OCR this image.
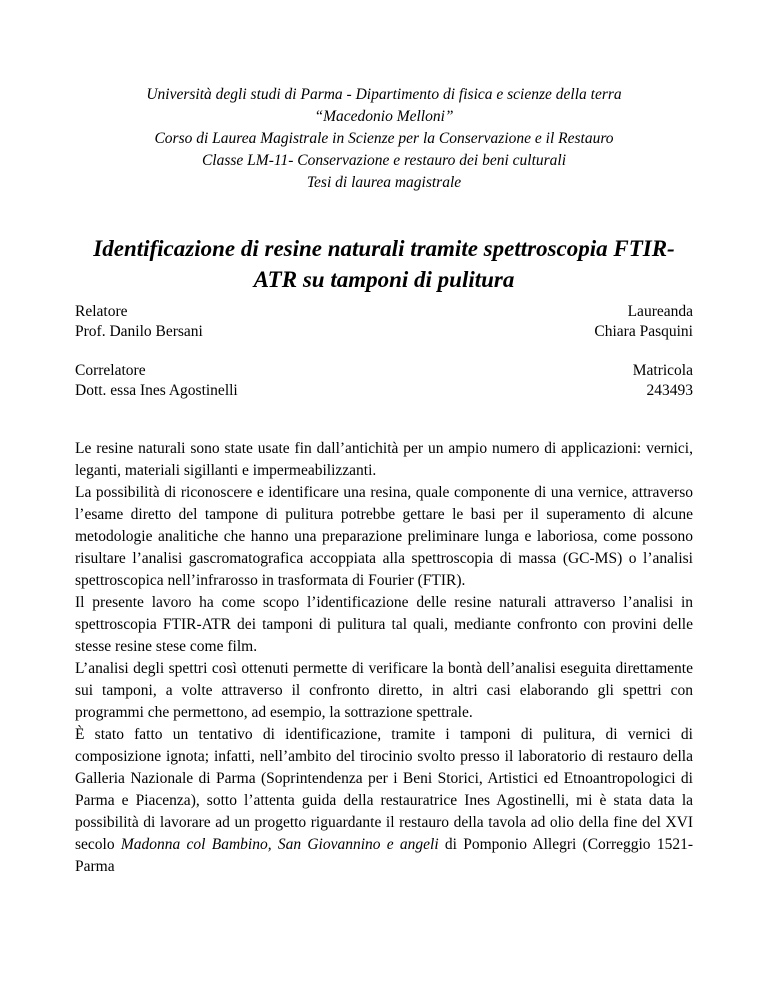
Università degli studi di Parma - Dipartimento di fisica e scienze della terra
“Macedonio Melloni”
Corso di Laurea Magistrale in Scienze per la Conservazione e il Restauro
Classe LM-11- Conservazione e restauro dei beni culturali
Tesi di laurea magistrale
Identificazione di resine naturali tramite spettroscopia FTIR-
ATR su tamponi di pulitura
Relatore
Prof. Danilo Bersani
Laureanda
Chiara Pasquini
Correlatore
Dott. essa Ines Agostinelli
Matricola
243493

Le resine naturali sono state usate fin dall’antichità per un ampio numero di applicazioni: vernici, leganti, materiali sigillanti e impermeabilizzanti.

La possibilità di riconoscere e identificare una resina, quale componente di una vernice, attraverso l’esame diretto del tampone di pulitura potrebbe gettare le basi per il superamento di alcune metodologie analitiche che hanno una preparazione preliminare lunga e laboriosa, come possono risultare l’analisi gascromatografica accoppiata alla spettroscopia di massa (GC-MS) o l’analisi spettroscopica nell’infrarosso in trasformata di Fourier (FTIR).

Il presente lavoro ha come scopo l’identificazione delle resine naturali attraverso l’analisi in spettroscopia FTIR-ATR dei tamponi di pulitura tal quali, mediante confronto con provini delle stesse resine stese come film.

L’analisi degli spettri così ottenuti permette di verificare la bontà dell’analisi eseguita direttamente sui tamponi, a volte attraverso il confronto diretto, in altri casi elaborando gli spettri con programmi che permettono, ad esempio, la sottrazione spettrale.

È stato fatto un tentativo di identificazione, tramite i tamponi di pulitura, di vernici di composizione ignota; infatti, nell’ambito del tirocinio svolto presso il laboratorio di restauro della Galleria Nazionale di Parma (Soprintendenza per i Beni Storici, Artistici ed Etnoantropologici di Parma e Piacenza), sotto l’attenta guida della restauratrice Ines Agostinelli, mi è stata data la possibilità di lavorare ad un progetto riguardante il restauro della tavola ad olio della fine del XVI secolo Madonna col Bambino, San Giovannino e angeli di Pomponio Allegri (Correggio 1521-Parma
